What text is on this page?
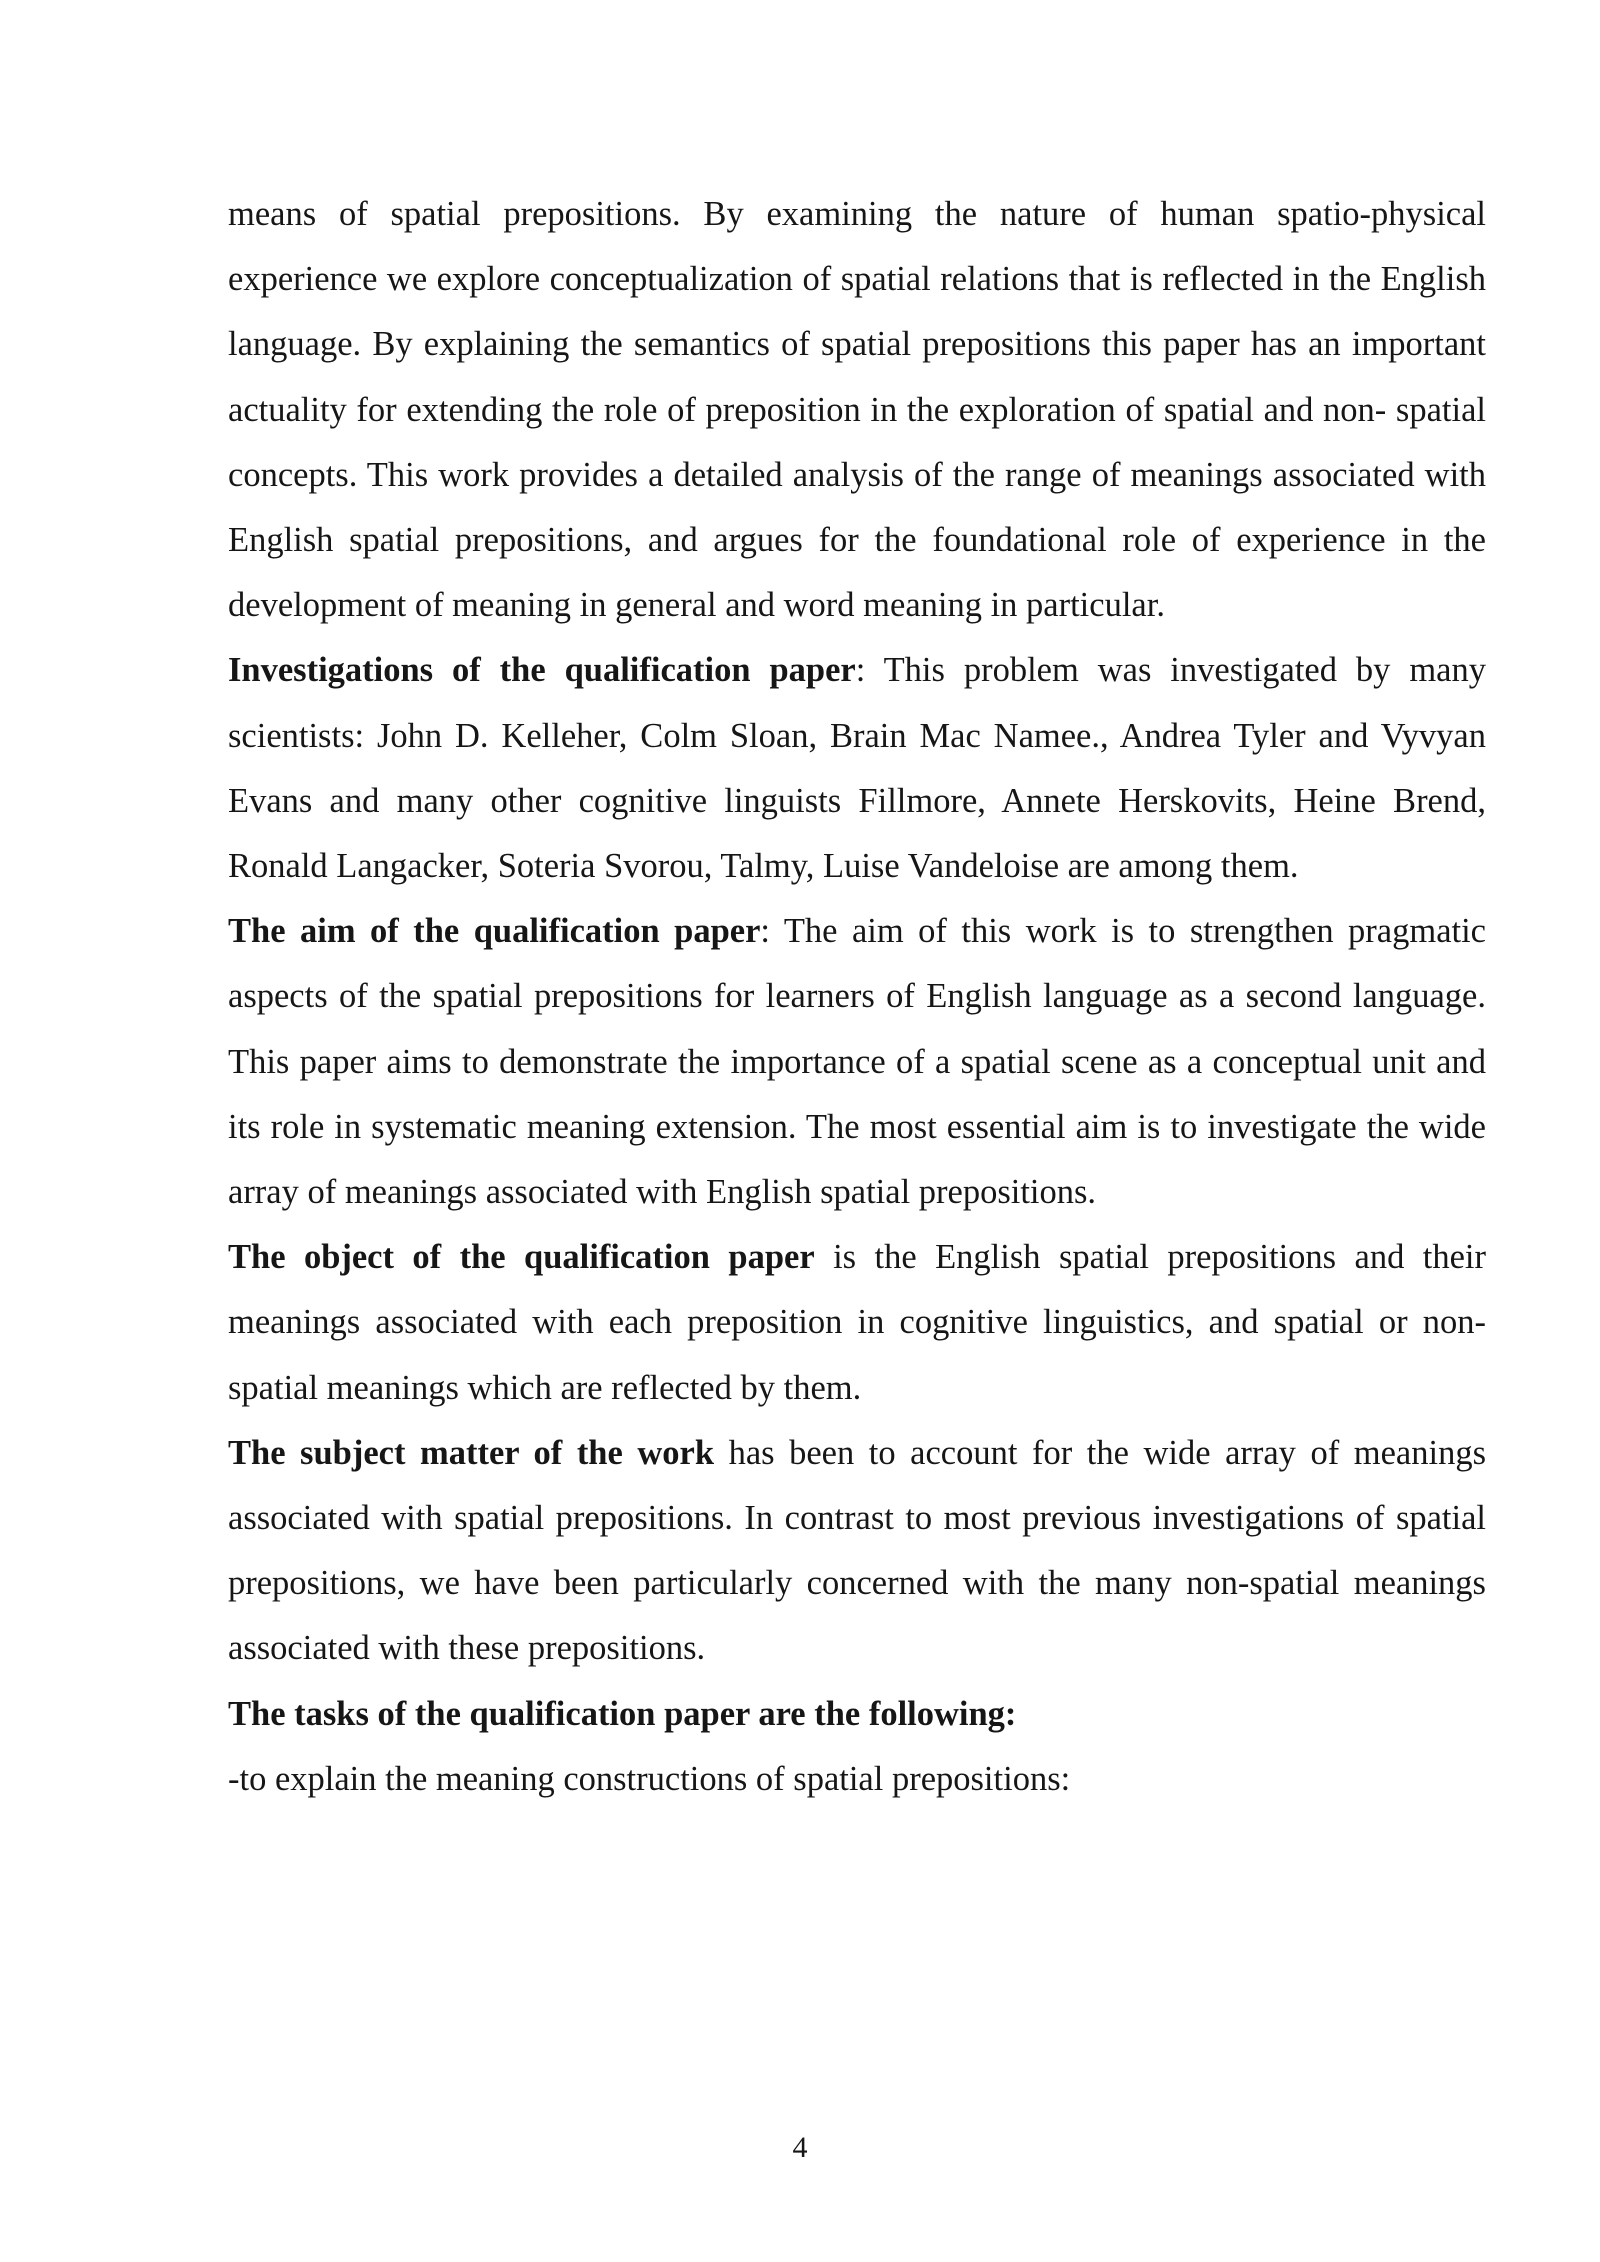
means of spatial prepositions. By examining the nature of human spatio-physical experience we explore conceptualization of spatial relations that is reflected in the English language. By explaining the semantics of spatial prepositions this paper has an important actuality for extending the role of preposition in the exploration of spatial and non- spatial concepts. This work provides a detailed analysis of the range of meanings associated with English spatial prepositions, and argues for the foundational role of experience in the development of meaning in general and word meaning in particular.

Investigations of the qualification paper: This problem was investigated by many scientists: John D. Kelleher, Colm Sloan, Brain Mac Namee., Andrea Tyler and Vyvyan Evans and many other cognitive linguists Fillmore, Annete Herskovits, Heine Brend, Ronald Langacker, Soteria Svorou, Talmy, Luise Vandeloise are among them.

The aim of the qualification paper: The aim of this work is to strengthen pragmatic aspects of the spatial prepositions for learners of English language as a second language. This paper aims to demonstrate the importance of a spatial scene as a conceptual unit and its role in systematic meaning extension. The most essential aim is to investigate the wide array of meanings associated with English spatial prepositions.

The object of the qualification paper is the English spatial prepositions and their meanings associated with each preposition in cognitive linguistics, and spatial or non-spatial meanings which are reflected by them.

The subject matter of the work has been to account for the wide array of meanings associated with spatial prepositions. In contrast to most previous investigations of spatial prepositions, we have been particularly concerned with the many non-spatial meanings associated with these prepositions.

The tasks of the qualification paper are the following:

-to explain the meaning constructions of spatial prepositions:

4
